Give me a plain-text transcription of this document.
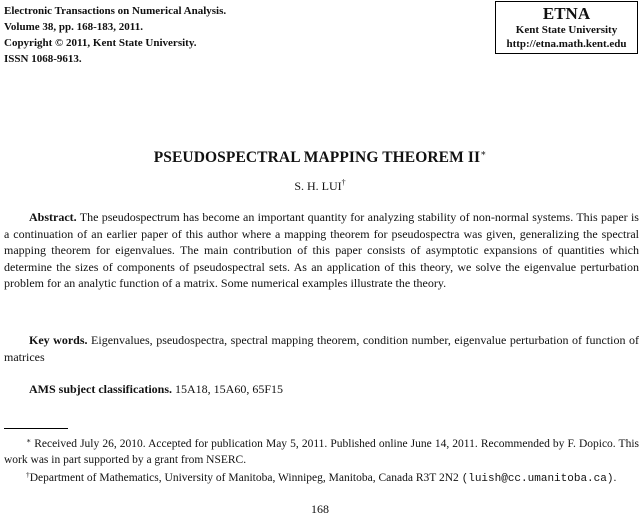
Electronic Transactions on Numerical Analysis.
Volume 38, pp. 168-183, 2011.
Copyright © 2011, Kent State University.
ISSN 1068-9613.
ETNA
Kent State University
http://etna.math.kent.edu
PSEUDOSPECTRAL MAPPING THEOREM II∗
S. H. LUI†
Abstract. The pseudospectrum has become an important quantity for analyzing stability of non-normal systems. This paper is a continuation of an earlier paper of this author where a mapping theorem for pseudospectra was given, generalizing the spectral mapping theorem for eigenvalues. The main contribution of this paper consists of asymptotic expansions of quantities which determine the sizes of components of pseudospectral sets. As an application of this theory, we solve the eigenvalue perturbation problem for an analytic function of a matrix. Some numerical examples illustrate the theory.
Key words. Eigenvalues, pseudospectra, spectral mapping theorem, condition number, eigenvalue perturbation of function of matrices
AMS subject classifications. 15A18, 15A60, 65F15
∗ Received July 26, 2010. Accepted for publication May 5, 2011. Published online June 14, 2011. Recommended by F. Dopico. This work was in part supported by a grant from NSERC.
†Department of Mathematics, University of Manitoba, Winnipeg, Manitoba, Canada R3T 2N2 (luish@cc.umanitoba.ca).
168
